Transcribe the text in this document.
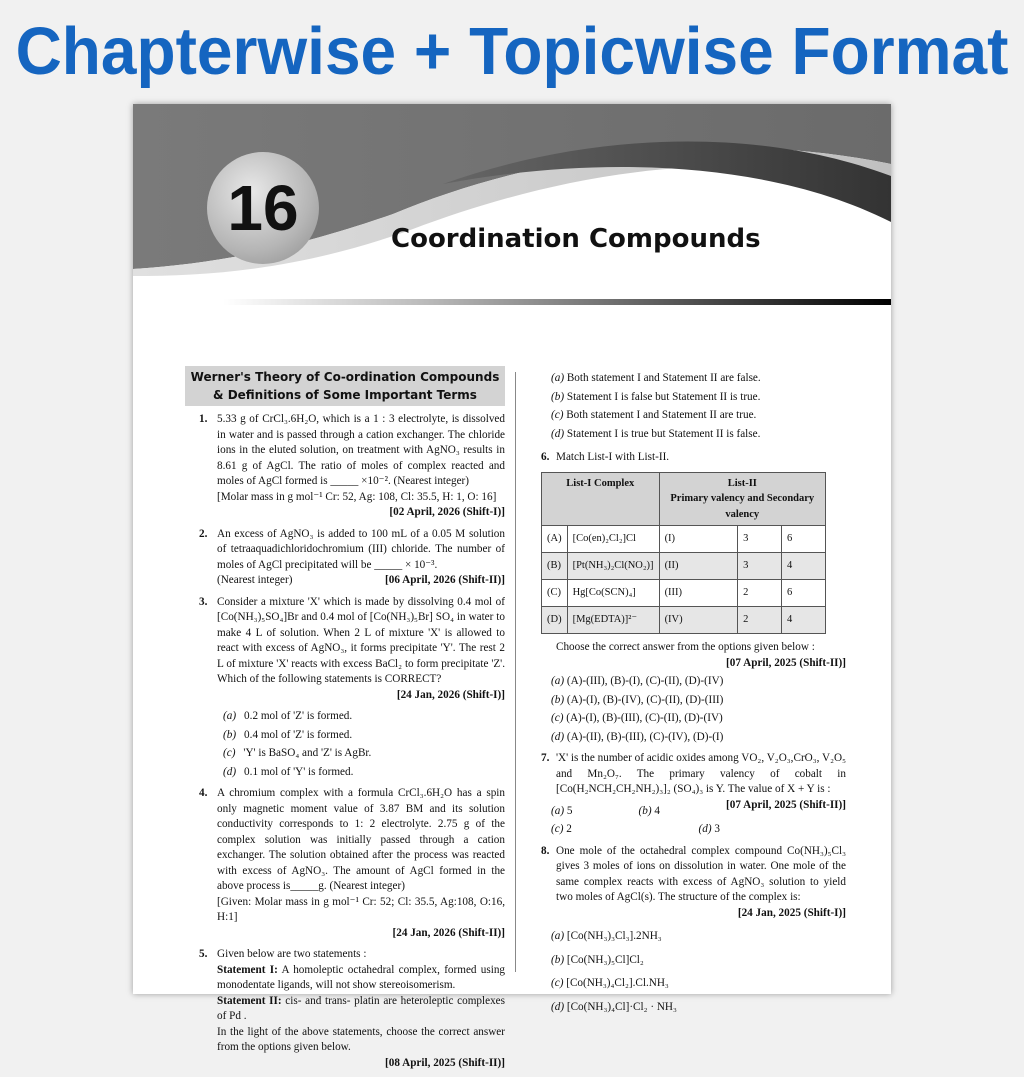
Chapterwise + Topicwise Format
16	Coordination Compounds
Werner's Theory of Co-ordination Compounds & Definitions of Some Important Terms
1. 5.33 g of CrCl₃.6H₂O, which is a 1 : 3 electrolyte, is dissolved in water and is passed through a cation exchanger. The chloride ions in the eluted solution, on treatment with AgNO₃ results in 8.61 g of AgCl. The ratio of moles of complex reacted and moles of AgCl formed is _____ ×10⁻². (Nearest integer)
[Molar mass in g mol⁻¹ Cr: 52, Ag: 108, Cl: 35.5, H: 1, O: 16]
[02 April, 2026 (Shift-I)]
2. An excess of AgNO₃ is added to 100 mL of a 0.05 M solution of tetraaquadichloridochromium (III) chloride. The number of moles of AgCl precipitated will be _____ × 10⁻³.
(Nearest integer)	[06 April, 2026 (Shift-II)]
3. Consider a mixture 'X' which is made by dissolving 0.4 mol of [Co(NH₃)₅SO₄]Br and 0.4 mol of [Co(NH₃)₅Br] SO₄ in water to make 4 L of solution. When 2 L of mixture 'X' is allowed to react with excess of AgNO₃, it forms precipitate 'Y'. The rest 2 L of mixture 'X' reacts with excess BaCl₂ to form precipitate 'Z'. Which of the following statements is CORRECT?
[24 Jan, 2026 (Shift-I)]
(a) 0.2 mol of 'Z' is formed.
(b) 0.4 mol of 'Z' is formed.
(c) 'Y' is BaSO₄ and 'Z' is AgBr.
(d) 0.1 mol of 'Y' is formed.
4. A chromium complex with a formula CrCl₃.6H₂O has a spin only magnetic moment value of 3.87 BM and its solution conductivity corresponds to 1: 2 electrolyte. 2.75 g of the complex solution was initially passed through a cation exchanger. The solution obtained after the process was reacted with excess of AgNO₃. The amount of AgCl formed in the above process is_____g. (Nearest integer)
[Given: Molar mass in g mol⁻¹ Cr: 52; Cl: 35.5, Ag:108, O:16, H:1]
[24 Jan, 2026 (Shift-II)]
5. Given below are two statements :
Statement I: A homoleptic octahedral complex, formed using monodentate ligands, will not show stereoisomerism.
Statement II: cis- and trans- platin are heteroleptic complexes of Pd .
In the light of the above statements, choose the correct answer from the options given below.
[08 April, 2025 (Shift-II)]
(a) Both statement I and Statement II are false.
(b) Statement I is false but Statement II is true.
(c) Both statement I and Statement II are true.
(d) Statement I is true but Statement II is false.
6. Match List-I with List-II.
List-I Complex		List-II
Primary valency and Secondary valency		
(A)	[Co(en)₂Cl₂]Cl	(I)	3	6
(B)	[Pt(NH₃)₂Cl(NO₂)]	(II)	3	4
(C)	Hg[Co(SCN)₄]	(III)	2	6
(D)	[Mg(EDTA)]²⁻	(IV)	2	4
Choose the correct answer from the options given below :
[07 April, 2025 (Shift-II)]
(a) (A)-(III), (B)-(I), (C)-(II), (D)-(IV)
(b) (A)-(I), (B)-(IV), (C)-(II), (D)-(III)
(c) (A)-(I), (B)-(III), (C)-(II), (D)-(IV)
(d) (A)-(II), (B)-(III), (C)-(IV), (D)-(I)
7. 'X' is the number of acidic oxides among VO₂, V₂O₃,CrO₃, V₂O₅ and Mn₂O₇. The primary valency of cobalt in [Co(H₂NCH₂CH₂NH₂)₃]₂ (SO₄)₃ is Y. The value of X + Y is :
[07 April, 2025 (Shift-II)]
(a) 5	(b) 4
(c) 2	(d) 3
8. One mole of the octahedral complex compound Co(NH₃)₅Cl₃ gives 3 moles of ions on dissolution in water. One mole of the same complex reacts with excess of AgNO₃ solution to yield two moles of AgCl(s). The structure of the complex is:
[24 Jan, 2025 (Shift-I)]
(a) [Co(NH₃)₃Cl₃].2NH₃
(b) [Co(NH₃)₅Cl]Cl₂
(c) [Co(NH₃)₄Cl₂].Cl.NH₃
(d) [Co(NH₃)₄Cl]·Cl₂ · NH₃
